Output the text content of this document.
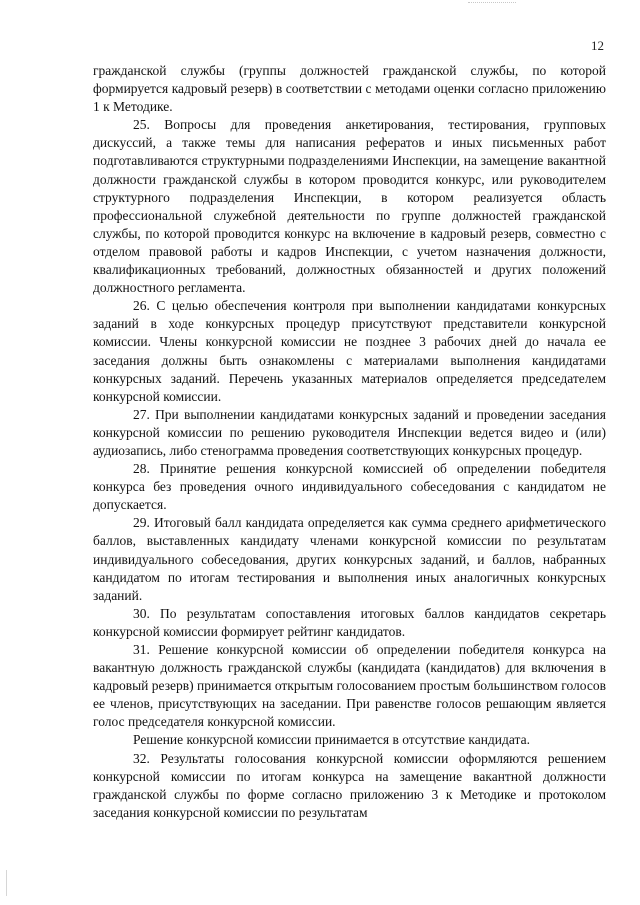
12

гражданской службы (группы должностей гражданской службы, по которой формируется кадровый резерв) в соответствии с методами оценки согласно приложению 1 к Методике.

25. Вопросы для проведения анкетирования, тестирования, групповых дискуссий, а также темы для написания рефератов и иных письменных работ подготавливаются структурными подразделениями Инспекции, на замещение вакантной должности гражданской службы в котором проводится конкурс, или руководителем структурного подразделения Инспекции, в котором реализуется область профессиональной служебной деятельности по группе должностей гражданской службы, по которой проводится конкурс на включение в кадровый резерв, совместно с отделом правовой работы и кадров Инспекции, с учетом назначения должности, квалификационных требований, должностных обязанностей и других положений должностного регламента.

26. С целью обеспечения контроля при выполнении кандидатами конкурсных заданий в ходе конкурсных процедур присутствуют представители конкурсной комиссии. Члены конкурсной комиссии не позднее 3 рабочих дней до начала ее заседания должны быть ознакомлены с материалами выполнения кандидатами конкурсных заданий. Перечень указанных материалов определяется председателем конкурсной комиссии.

27. При выполнении кандидатами конкурсных заданий и проведении заседания конкурсной комиссии по решению руководителя Инспекции ведется видео и (или) аудиозапись, либо стенограмма проведения соответствующих конкурсных процедур.

28. Принятие решения конкурсной комиссией об определении победителя конкурса без проведения очного индивидуального собеседования с кандидатом не допускается.

29. Итоговый балл кандидата определяется как сумма среднего арифметического баллов, выставленных кандидату членами конкурсной комиссии по результатам индивидуального собеседования, других конкурсных заданий, и баллов, набранных кандидатом по итогам тестирования и выполнения иных аналогичных конкурсных заданий.

30. По результатам сопоставления итоговых баллов кандидатов секретарь конкурсной комиссии формирует рейтинг кандидатов.

31. Решение конкурсной комиссии об определении победителя конкурса на вакантную должность гражданской службы (кандидата (кандидатов) для включения в кадровый резерв) принимается открытым голосованием простым большинством голосов ее членов, присутствующих на заседании. При равенстве голосов решающим является голос председателя конкурсной комиссии.

Решение конкурсной комиссии принимается в отсутствие кандидата.

32. Результаты голосования конкурсной комиссии оформляются решением конкурсной комиссии по итогам конкурса на замещение вакантной должности гражданской службы по форме согласно приложению 3 к Методике и протоколом заседания конкурсной комиссии по результатам
